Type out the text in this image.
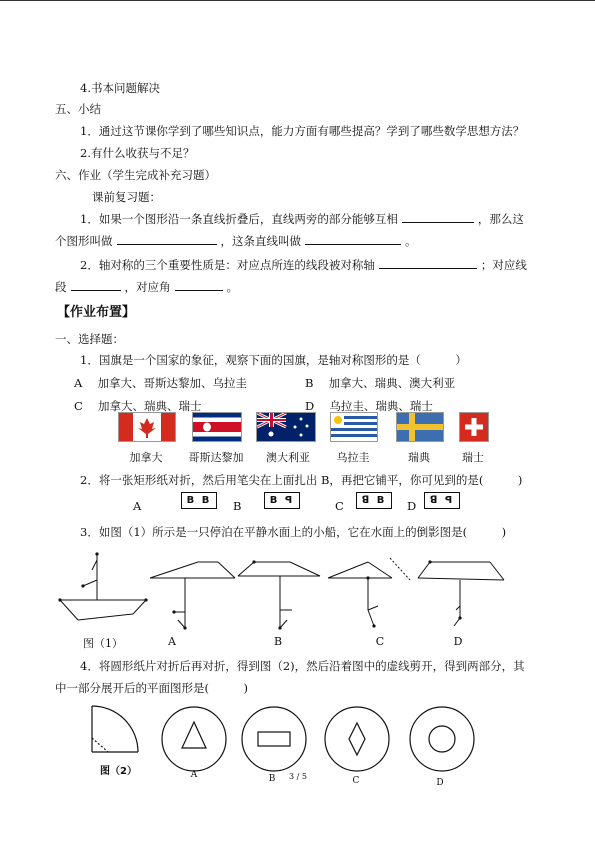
4.书本问题解决
五、小结
1．通过这节课你学到了哪些知识点，能力方面有哪些提高？学到了哪些数学思想方法？
2.有什么收获与不足？
六、作业（学生完成补充习题）
课前复习题：
1．如果一个图形沿一条直线折叠后，直线两旁的部分能够互相	，那么这
个图形叫做	，这条直线叫做	。
2．轴对称的三个重要性质是：对应点所连的线段被对称轴	；对应线
段	，对应角	。
【作业布置】
一、选择题：
1．国旗是一个国家的象征，观察下面的国旗，是轴对称图形的是（　　　）
A　 加拿大、哥斯达黎加、乌拉圭	B　 加拿大、瑞典、澳大利亚
C　 加拿大、瑞典、瑞士	D　 乌拉圭、瑞典、瑞士
加拿大	哥斯达黎加	澳大利亚	乌拉圭	瑞典	瑞士
2．将一张矩形纸对折，然后用笔尖在上面扎出 B，再把它铺平，你可见到的是(　　　)
A	B B	B	B ꟼ	C	ꓭ B	D	ꓭ ꟼ
3．如图（1）所示是一只停泊在平静水面上的小船，它在水面上的倒影图是(　　　)
图（1）	A	B	C	D
4．将圆形纸片对折后再对折，得到图（2)，然后沿着图中的虚线剪开，得到两部分，其
中一部分展开后的平面图形是(　　　)
图（2）	A	B	C	D
3 / 5
